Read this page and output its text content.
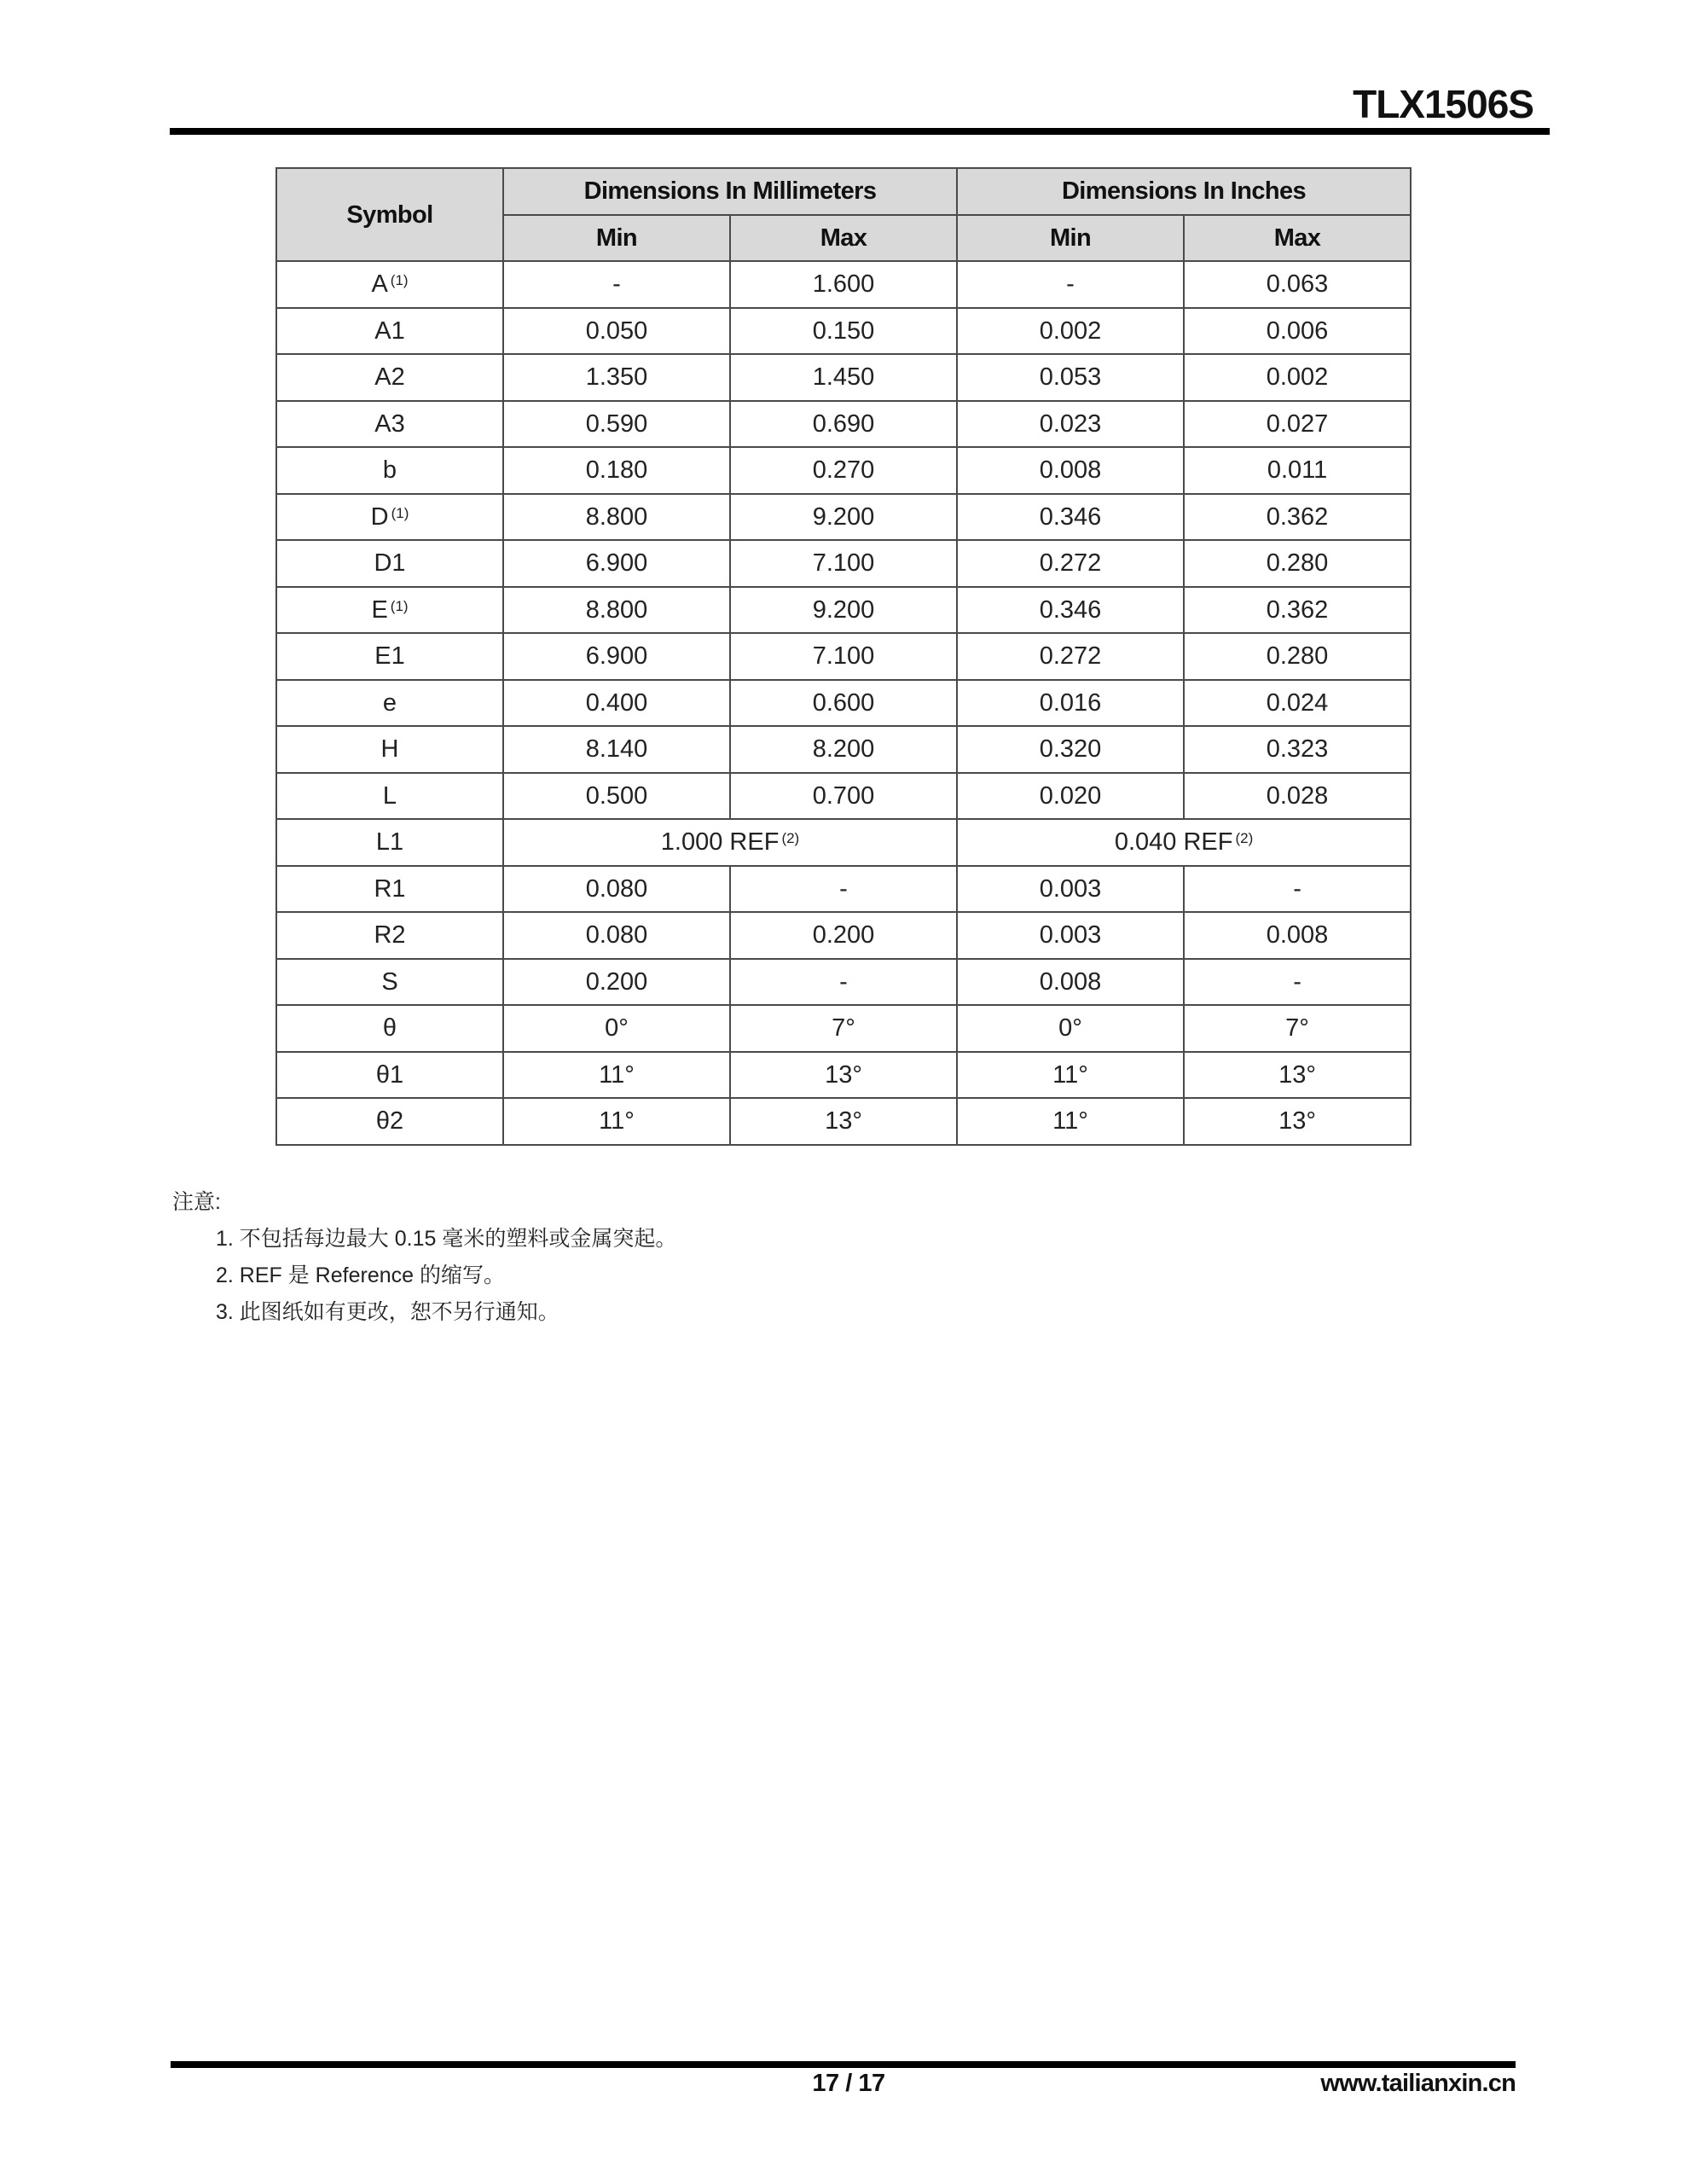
TLX1506S
Symbol	Dimensions In Millimeters		Dimensions In Inches	
	Min	Max	Min	Max
A $^{(1)}$	-	1.600	-	0.063
A1	0.050	0.150	0.002	0.006
A2	1.350	1.450	0.053	0.002
A3	0.590	0.690	0.023	0.027
b	0.180	0.270	0.008	0.011
D $^{(1)}$	8.800	9.200	0.346	0.362
D1	6.900	7.100	0.272	0.280
E $^{(1)}$	8.800	9.200	0.346	0.362
E1	6.900	7.100	0.272	0.280
e	0.400	0.600	0.016	0.024
H	8.140	8.200	0.320	0.323
L	0.500	0.700	0.020	0.028
L1	1.000 REF $^{(2)}$		0.040 REF $^{(2)}$
R1	0.080	-	0.003	-
R2	0.080	0.200	0.003	0.008
S	0.200	-	0.008	-
θ	0°	7°	0°	7°
θ1	11°	13°	11°	13°
θ2	11°	13°	11°	13°
注意:
1. 不包括每边最大 0.15 毫米的塑料或金属突起。
2. REF 是 Reference 的缩写。
3. 此图纸如有更改，恕不另行通知。
17 / 17	www.tailianxin.cn
